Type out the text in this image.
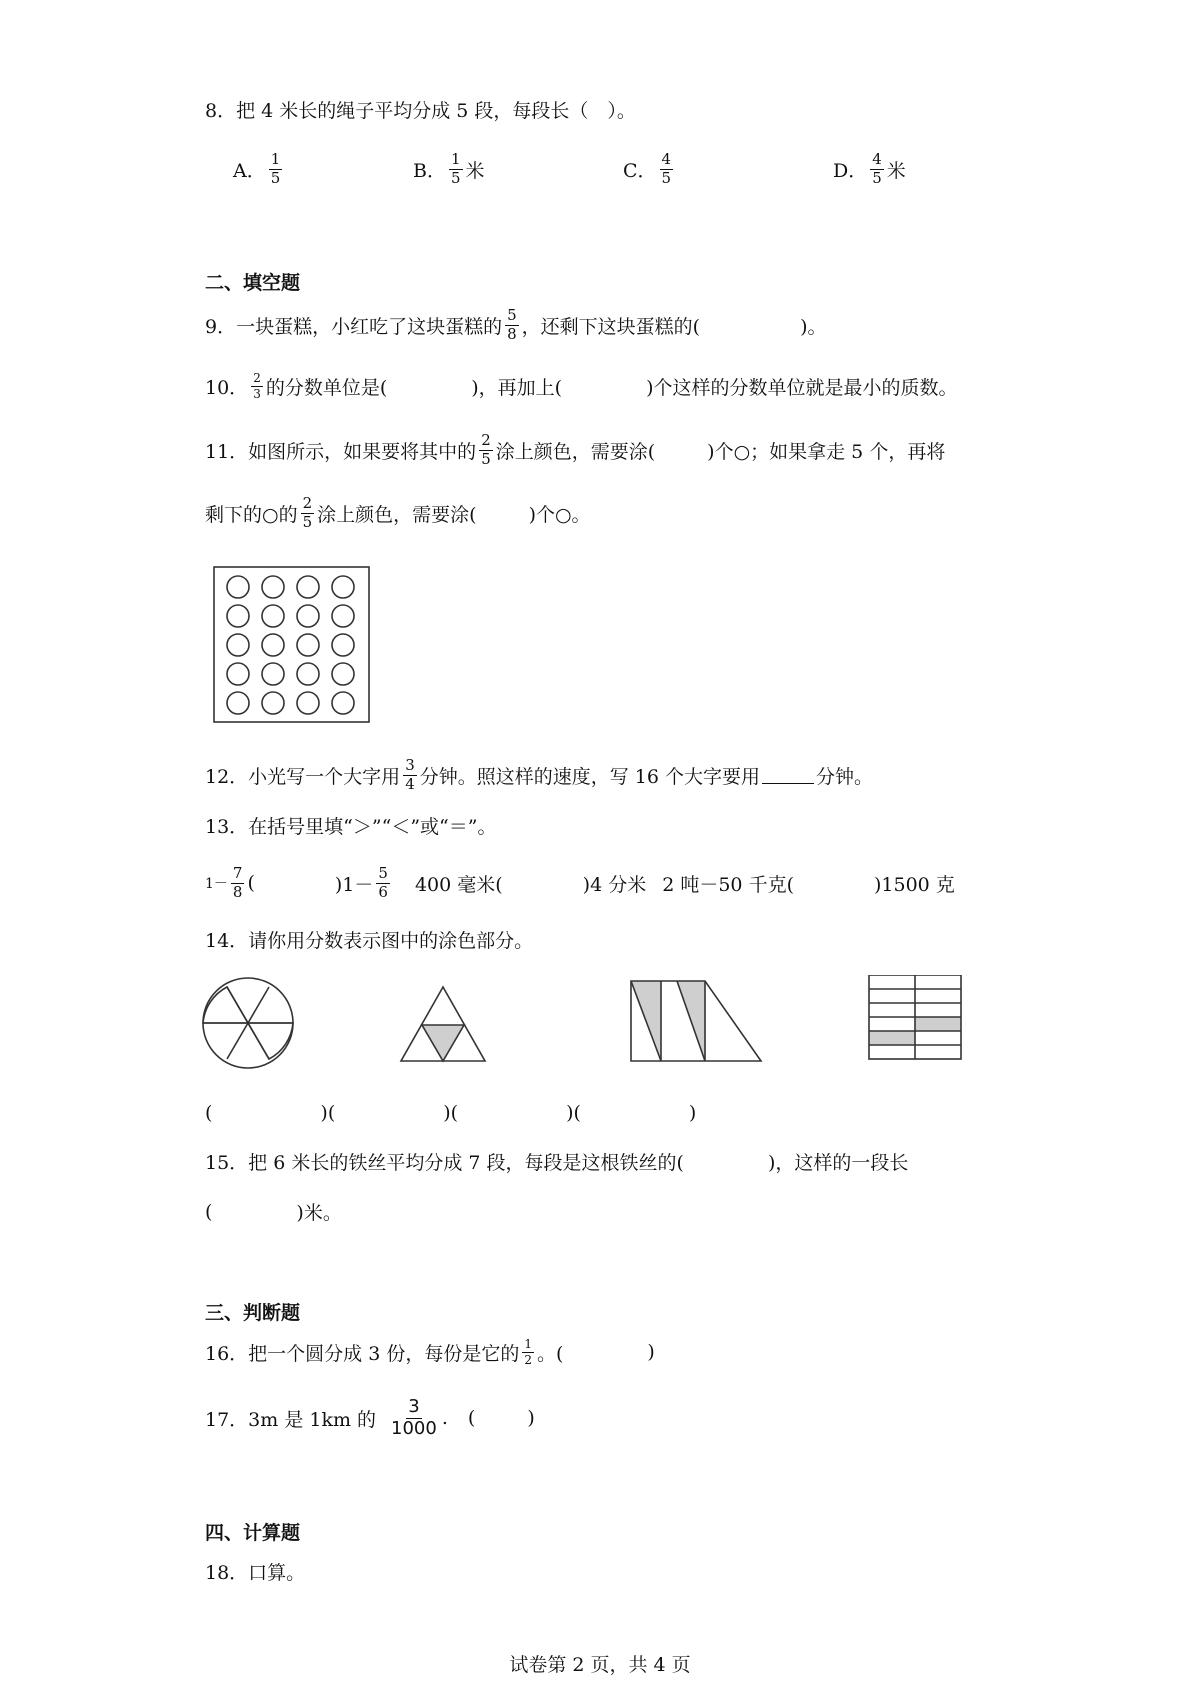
8．把 4 米长的绳子平均分成 5 段，每段长（　）。
A． $\frac{1}{5}$	B． $\frac{1}{5}$ 米	C． $\frac{4}{5}$	D． $\frac{4}{5}$ 米
二、填空题
9．一块蛋糕，小红吃了这块蛋糕的 $\frac{5}{8}$ ，还剩下这块蛋糕的(	)。
10． $\frac{2}{3}$ 的分数单位是(	)，再加上(	)个这样的分数单位就是最小的质数。
11．如图所示，如果要将其中的 $\frac{2}{5}$ 涂上颜色，需要涂(	)个○；如果拿走 5 个，再将
剩下的○的 $\frac{2}{5}$ 涂上颜色，需要涂(	)个○。
12．小光写一个大字用 $\frac{3}{4}$ 分钟。照这样的速度，写 16 个大字要用	分钟。
13．在括号里填“＞”“＜”或“＝”。
$1- \frac{7}{8}$ (	)$1- \frac{5}{6} 400$ 毫米(	)4 分米 2 吨－50 千克(	)1500 克
14．请你用分数表示图中的涂色部分。
(	)(	)(	)(	)
15．把 6 米长的铁丝平均分成 7 段，每段是这根铁丝的(	)，这样的一段长
(	)米。
三、判断题
16．把一个圆分成 3 份，每份是它的 $\frac{1}{2}$ 。(	)
17．3m 是 1km 的 $\frac{3}{1000}$ . (	)
四、计算题
18．口算。
试卷第 2 页，共 4 页
